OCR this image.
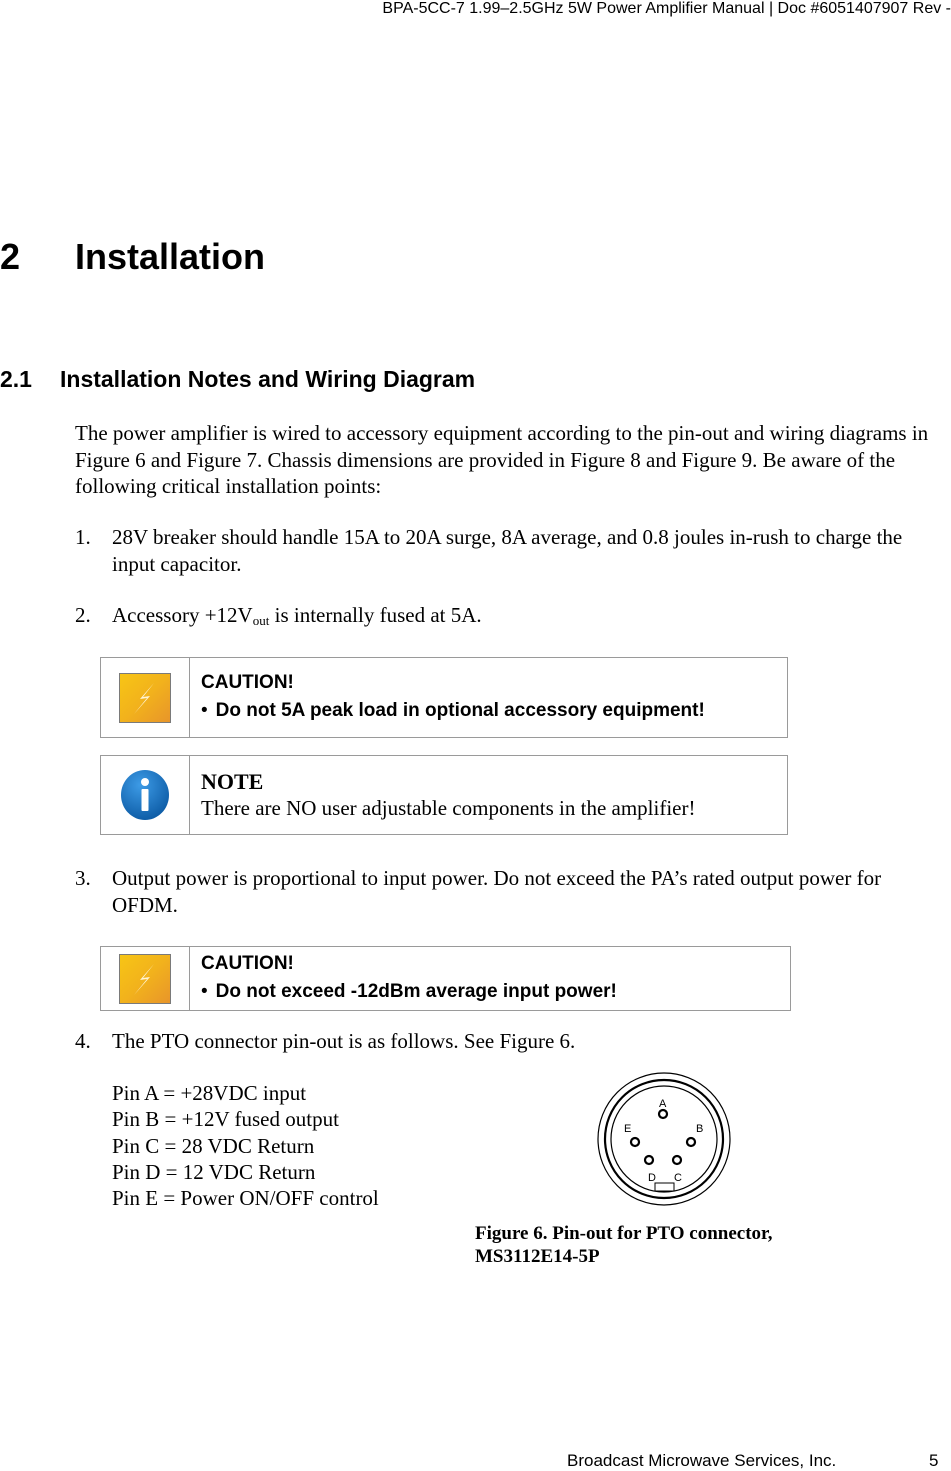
BPA-5CC-7 1.99–2.5GHz 5W Power Amplifier Manual | Doc #6051407907 Rev -
2 Installation
2.1 Installation Notes and Wiring Diagram
The power amplifier is wired to accessory equipment according to the pin-out and wiring diagrams in Figure 6 and Figure 7. Chassis dimensions are provided in Figure 8 and Figure 9. Be aware of the following critical installation points:
1. 28V breaker should handle 15A to 20A surge, 8A average, and 0.8 joules in-rush to charge the input capacitor.
2. Accessory $+12V_{out}$ is internally fused at 5A.
CAUTION!
• Do not 5A peak load in optional accessory equipment!
NOTE
There are NO user adjustable components in the amplifier!
3. Output power is proportional to input power. Do not exceed the PA’s rated output power for OFDM.
CAUTION!
• Do not exceed -12dBm average input power!
4. The PTO connector pin-out is as follows. See Figure 6.
Pin A = +28VDC input
Pin B = +12V fused output
Pin C = 28 VDC Return
Pin D = 12 VDC Return
Pin E = Power ON/OFF control
A
B
C
D
E
Figure 6. Pin-out for PTO connector,
MS3112E14-5P
Broadcast Microwave Services, Inc.	5
